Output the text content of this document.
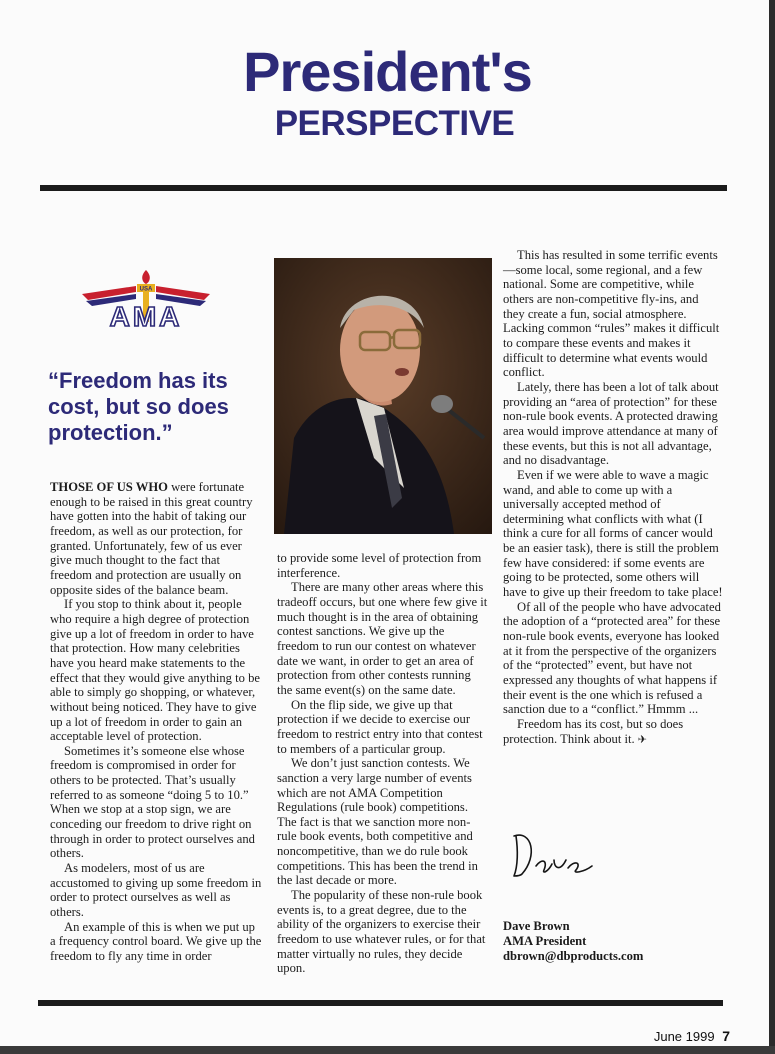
President's
PERSPECTIVE
USA
AMA
“Freedom has its cost, but so does protection.”

THOSE OF US WHO were fortunate enough to be raised in this great country have gotten into the habit of taking our freedom, as well as our protection, for granted. Unfortunately, few of us ever give much thought to the fact that freedom and protection are usually on opposite sides of the balance beam.

If you stop to think about it, people who require a high degree of protection give up a lot of freedom in order to have that protection. How many celebrities have you heard make statements to the effect that they would give anything to be able to simply go shopping, or whatever, without being noticed. They have to give up a lot of freedom in order to gain an acceptable level of protection.

Sometimes it’s someone else whose freedom is compromised in order for others to be protected. That’s usually referred to as someone “doing 5 to 10.” When we stop at a stop sign, we are conceding our freedom to drive right on through in order to protect ourselves and others.

As modelers, most of us are accustomed to giving up some freedom in order to protect ourselves as well as others.

An example of this is when we put up a frequency control board. We give up the freedom to fly any time in order

to provide some level of protection from interference.

There are many other areas where this tradeoff occurs, but one where few give it much thought is in the area of obtaining contest sanctions. We give up the freedom to run our contest on whatever date we want, in order to get an area of protection from other contests running the same event(s) on the same date.

On the flip side, we give up that protection if we decide to exercise our freedom to restrict entry into that contest to members of a particular group.

We don’t just sanction contests. We sanction a very large number of events which are not AMA Competition Regulations (rule book) competitions. The fact is that we sanction more non-rule book events, both competitive and noncompetitive, than we do rule book competitions. This has been the trend in the last decade or more.

The popularity of these non-rule book events is, to a great degree, due to the ability of the organizers to exercise their freedom to use whatever rules, or for that matter virtually no rules, they decide upon.

This has resulted in some terrific events—some local, some regional, and a few national. Some are competitive, while others are non-competitive fly-ins, and they create a fun, social atmosphere. Lacking common “rules” makes it difficult to compare these events and makes it difficult to determine what events would conflict.

Lately, there has been a lot of talk about providing an “area of protection” for these non-rule book events. A protected drawing area would improve attendance at many of these events, but this is not all advantage, and no disadvantage.

Even if we were able to wave a magic wand, and able to come up with a universally accepted method of determining what conflicts with what (I think a cure for all forms of cancer would be an easier task), there is still the problem few have considered: if some events are going to be protected, some others will have to give up their freedom to take place!

Of all of the people who have advocated the adoption of a “protected area” for these non-rule book events, everyone has looked at it from the perspective of the organizers of the “protected” event, but have not expressed any thoughts of what happens if their event is the one which is refused a sanction due to a “conflict.” Hmmm ...

Freedom has its cost, but so does protection. Think about it. ✈

Dave Brown
AMA President
dbrown@dbproducts.com
June 1999 7
